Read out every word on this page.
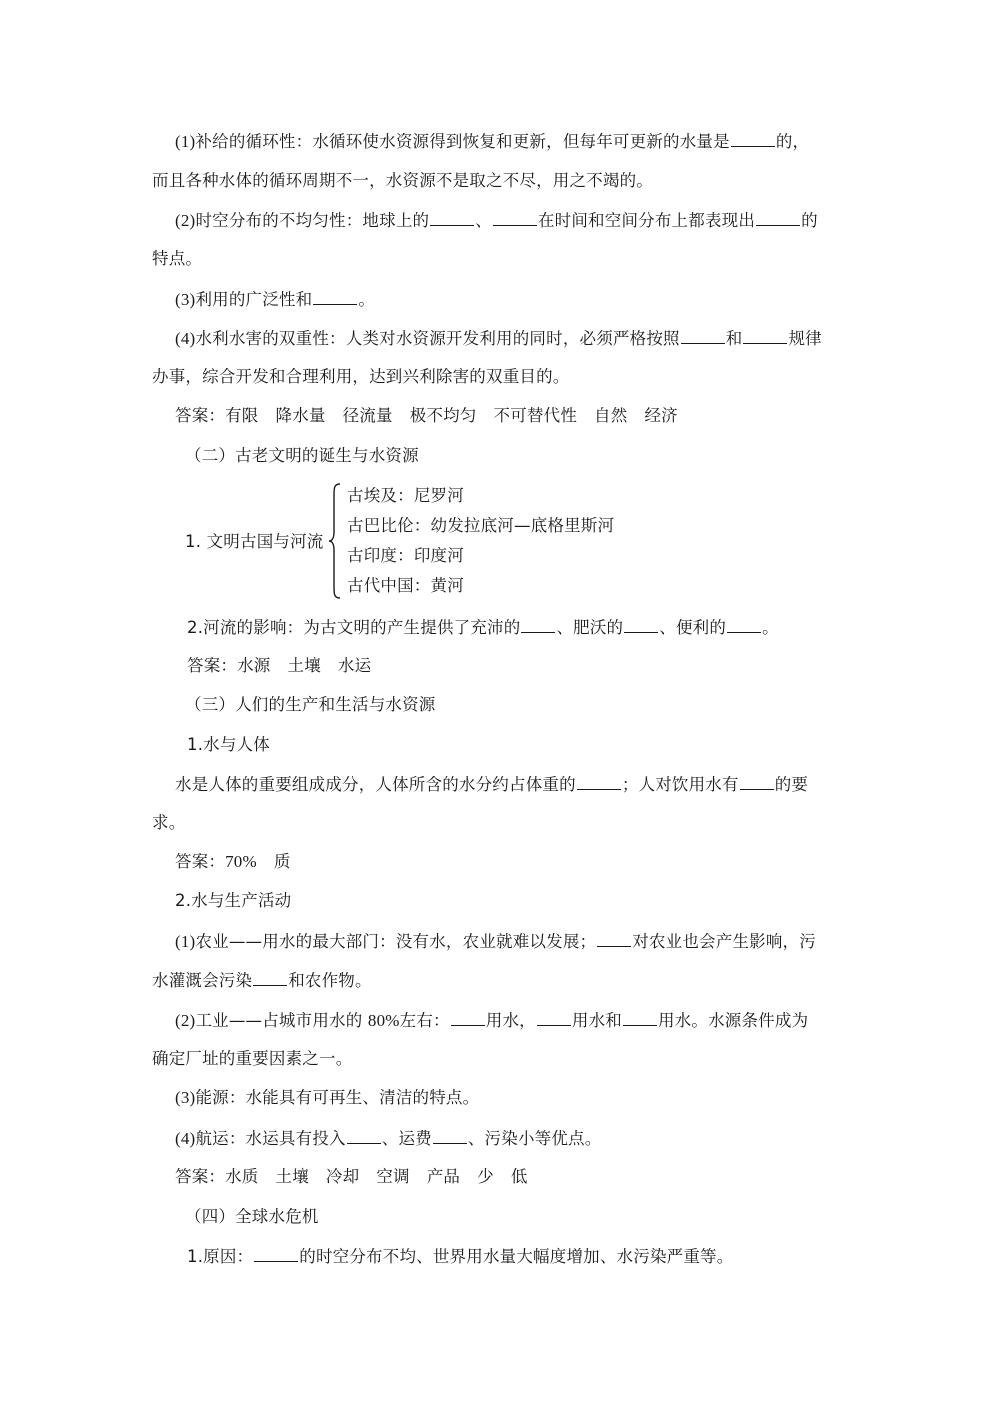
(1)补给的循环性：水循环使水资源得到恢复和更新，但每年可更新的水量是	的，
而且各种水体的循环周期不一，水资源不是取之不尽，用之不竭的。
(2)时空分布的不均匀性：地球上的	、	在时间和空间分布上都表现出	的
特点。
(3)利用的广泛性和	。
(4)水利水害的双重性：人类对水资源开发利用的同时，必须严格按照	和	规律
办事，综合开发和合理利用，达到兴利除害的双重目的。
答案：有限 降水量 径流量 极不均匀 不可替代性 自然 经济
（二）古老文明的诞生与水资源
1. 文明古国与河流
古埃及：尼罗河
古巴比伦：幼发拉底河—底格里斯河
古印度：印度河
古代中国：黄河
2.河流的影响：为古文明的产生提供了充沛的 、肥沃的 、便利的 。
答案：水源 土壤 水运
（三）人们的生产和生活与水资源
1.水与人体
水是人体的重要组成成分，人体所含的水分约占体重的	；人对饮用水有 的要
求。
答案：70% 质
2.水与生产活动
(1)农业——用水的最大部门：没有水，农业就难以发展； 对农业也会产生影响，污
水灌溉会污染 和农作物。
(2)工业——占城市用水的 80%左右： 用水， 用水和 用水。水源条件成为
确定厂址的重要因素之一。
(3)能源：水能具有可再生、清洁的特点。
(4)航运：水运具有投入 、运费 、污染小等优点。
答案：水质 土壤 冷却 空调 产品 少 低
（四）全球水危机
1.原因：	的时空分布不均、世界用水量大幅度增加、水污染严重等。
